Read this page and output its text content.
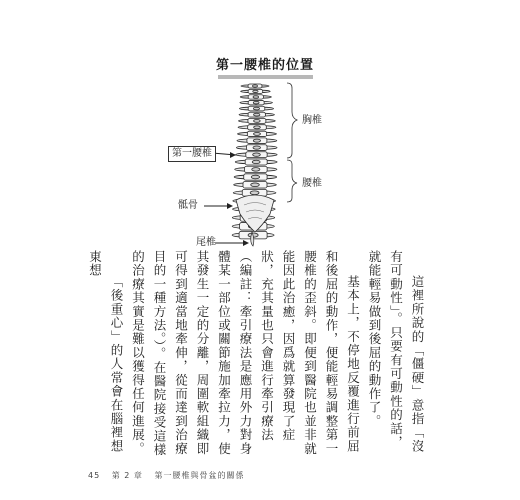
第一腰椎的位置
胸椎
第一腰椎
腰椎
骶骨
尾椎

這裡所說的「僵硬」意指「沒有可動性」。只要有可動性的話，就能輕易做到後屈的動作了。

基本上，不停地反覆進行前屈和後屈的動作，便能輕易調整第一腰椎的歪斜。即便到醫院也並非就能因此治癒，因爲就算發現了症狀，充其量也只會進行牽引療法（編註：牽引療法是應用外力對身體某一部位或關節施加牽拉力，使其發生一定的分離，周圍軟組織即可得到適當地牽伸，從而達到治療目的一種方法。）。在醫院接受這樣的治療其實是難以獲得任何進展。

「後重心」的人常會在腦裡想東想

45 第 2 章 第一腰椎與骨盆的關係
